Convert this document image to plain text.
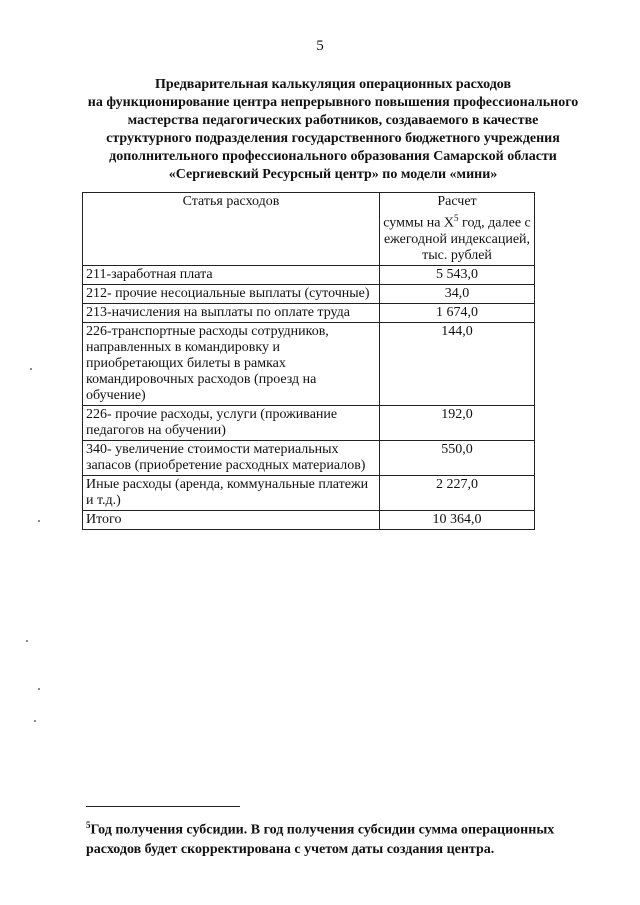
5
Предварительная калькуляция операционных расходов
на функционирование центра непрерывного повышения профессионального
мастерства педагогических работников, создаваемого в качестве
структурного подразделения государственного бюджетного учреждения
дополнительного профессионального образования Самарской области
«Сергиевский Ресурсный центр» по модели «мини»
Статья расходов	Расчет
суммы на $Х^5$ год, далее с
ежегодной индексацией,
тыс. рублей
211-заработная плата	5 543,0
212- прочие несоциальные выплаты (суточные)	34,0
213-начисления на выплаты по оплате труда	1 674,0
226-транспортные расходы сотрудников, направленных в командировку и приобретающих билеты в рамках командировочных расходов (проезд на обучение)	144,0
226- прочие расходы, услуги (проживание педагогов на обучении)	192,0
340- увеличение стоимости материальных запасов (приобретение расходных материалов)	550,0
Иные расходы (аренда, коммунальные платежи и т.д.)	2 227,0
Итого	10 364,0
$^5$Год получения субсидии. В год получения субсидии сумма операционных расходов будет скорректирована с учетом даты создания центра.
